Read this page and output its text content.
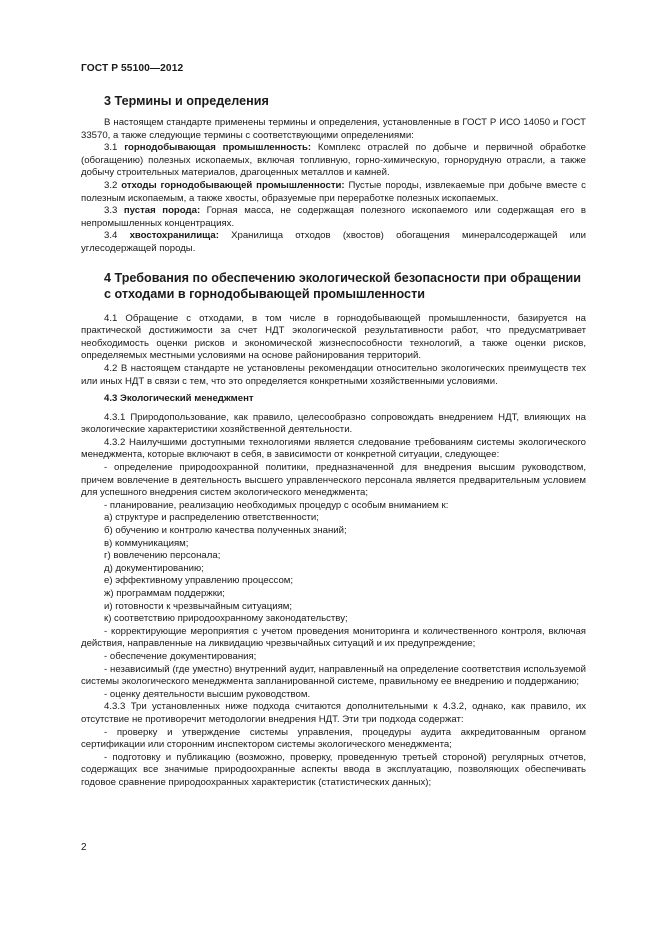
ГОСТ Р 55100—2012
3 Термины и определения

В настоящем стандарте применены термины и определения, установленные в ГОСТ Р ИСО 14050 и ГОСТ 33570, а также следующие термины с соответствующими определениями:

3.1 горнодобывающая промышленность: Комплекс отраслей по добыче и первичной обработке (обогащению) полезных ископаемых, включая топливную, горно-химическую, горнорудную отрасли, а также добычу строительных материалов, драгоценных металлов и камней.

3.2 отходы горнодобывающей промышленности: Пустые породы, извлекаемые при добыче вместе с полезным ископаемым, а также хвосты, образуемые при переработке полезных ископаемых.

3.3 пустая порода: Горная масса, не содержащая полезного ископаемого или содержащая его в непромышленных концентрациях.

3.4 хвостохранилища: Хранилища отходов (хвостов) обогащения минералсодержащей или углесодержащей породы.

4 Требования по обеспечению экологической безопасности при обращении с отходами в горнодобывающей промышленности

4.1 Обращение с отходами, в том числе в горнодобывающей промышленности, базируется на практической достижимости за счет НДТ экологической результативности работ, что предусматривает необходимость оценки рисков и экономической жизнеспособности технологий, а также оценки рисков, определяемых местными условиями на основе районирования территорий.

4.2 В настоящем стандарте не установлены рекомендации относительно экологических преимуществ тех или иных НДТ в связи с тем, что это определяется конкретными хозяйственными условиями.

4.3 Экологический менеджмент

4.3.1 Природопользование, как правило, целесообразно сопровождать внедрением НДТ, влияющих на экологические характеристики хозяйственной деятельности.

4.3.2 Наилучшими доступными технологиями является следование требованиям системы экологического менеджмента, которые включают в себя, в зависимости от конкретной ситуации, следующее:

- определение природоохранной политики, предназначенной для внедрения высшим руководством, причем вовлечение в деятельность высшего управленческого персонала является предварительным условием для успешного внедрения систем экологического менеджмента;

- планирование, реализацию необходимых процедур с особым вниманием к:

а) структуре и распределению ответственности;

б) обучению и контролю качества полученных знаний;

в) коммуникациям;

г) вовлечению персонала;

д) документированию;

е) эффективному управлению процессом;

ж) программам поддержки;

и) готовности к чрезвычайным ситуациям;

к) соответствию природоохранному законодательству;

- корректирующие мероприятия с учетом проведения мониторинга и количественного контроля, включая действия, направленные на ликвидацию чрезвычайных ситуаций и их предупреждение;

- обеспечение документирования;

- независимый (где уместно) внутренний аудит, направленный на определение соответствия используемой системы экологического менеджмента запланированной системе, правильному ее внедрению и поддержанию;

- оценку деятельности высшим руководством.

4.3.3 Три установленных ниже подхода считаются дополнительными к 4.3.2, однако, как правило, их отсутствие не противоречит методологии внедрения НДТ. Эти три подхода содержат:

- проверку и утверждение системы управления, процедуры аудита аккредитованным органом сертификации или сторонним инспектором системы экологического менеджмента;

- подготовку и публикацию (возможно, проверку, проведенную третьей стороной) регулярных отчетов, содержащих все значимые природоохранные аспекты ввода в эксплуатацию, позволяющих обеспечивать годовое сравнение природоохранных характеристик (статистических данных);

2
